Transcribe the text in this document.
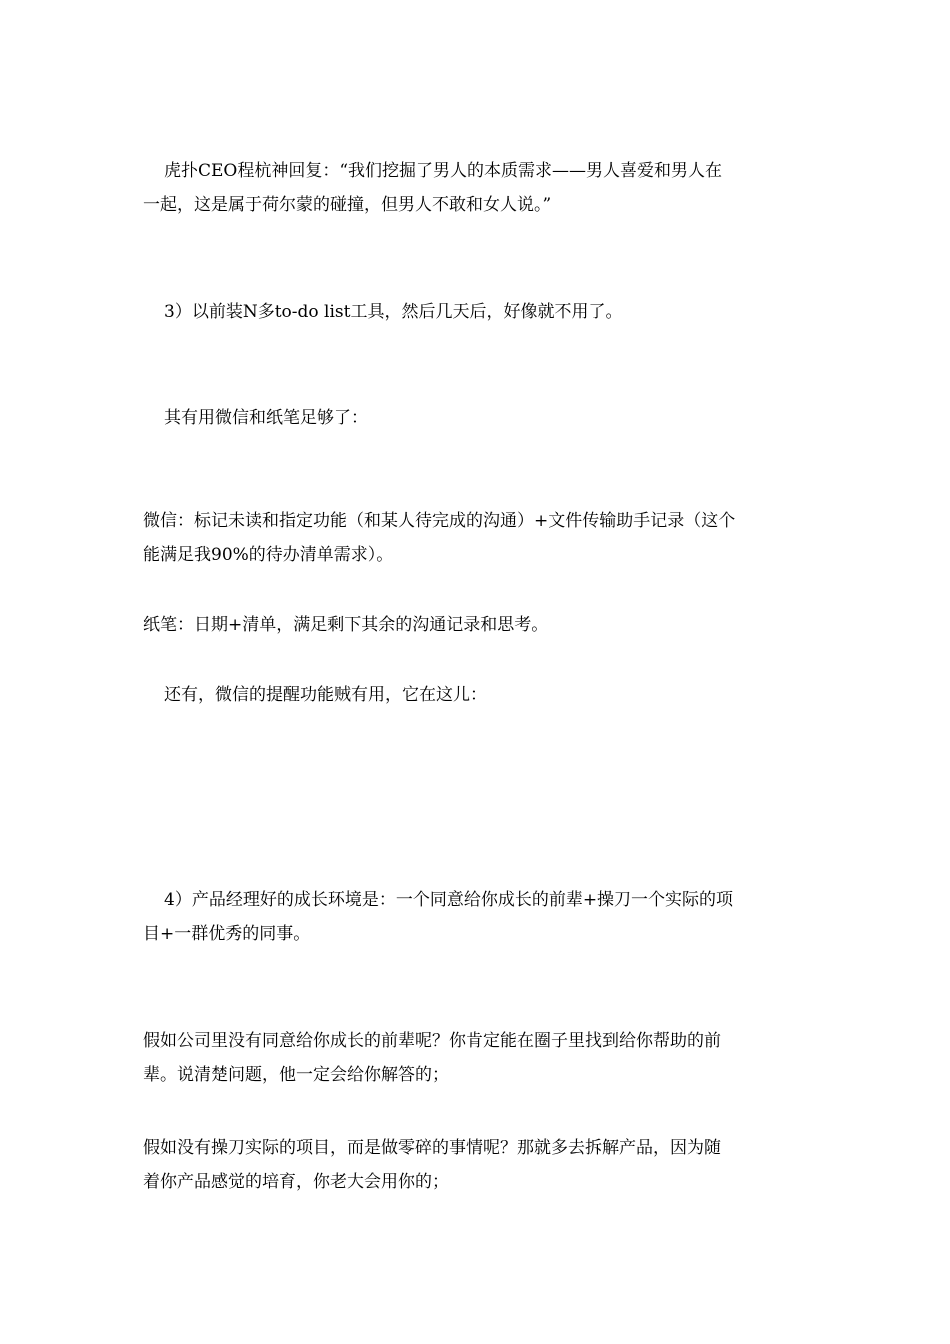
虎扑CEO程杭神回复：“我们挖掘了男人的本质需求——男人喜爱和男人在
一起，这是属于荷尔蒙的碰撞，但男人不敢和女人说。”

3）以前装N多to-do list工具，然后几天后，好像就不用了。

其有用微信和纸笔足够了：

微信：标记未读和指定功能（和某人待完成的沟通）+文件传输助手记录（这个
能满足我90%的待办清单需求）。

纸笔：日期+清单，满足剩下其余的沟通记录和思考。

还有，微信的提醒功能贼有用，它在这儿：

4）产品经理好的成长环境是：一个同意给你成长的前辈+操刀一个实际的项
目+一群优秀的同事。

假如公司里没有同意给你成长的前辈呢？你肯定能在圈子里找到给你帮助的前
辈。说清楚问题，他一定会给你解答的；

假如没有操刀实际的项目，而是做零碎的事情呢？那就多去拆解产品，因为随
着你产品感觉的培育，你老大会用你的；
